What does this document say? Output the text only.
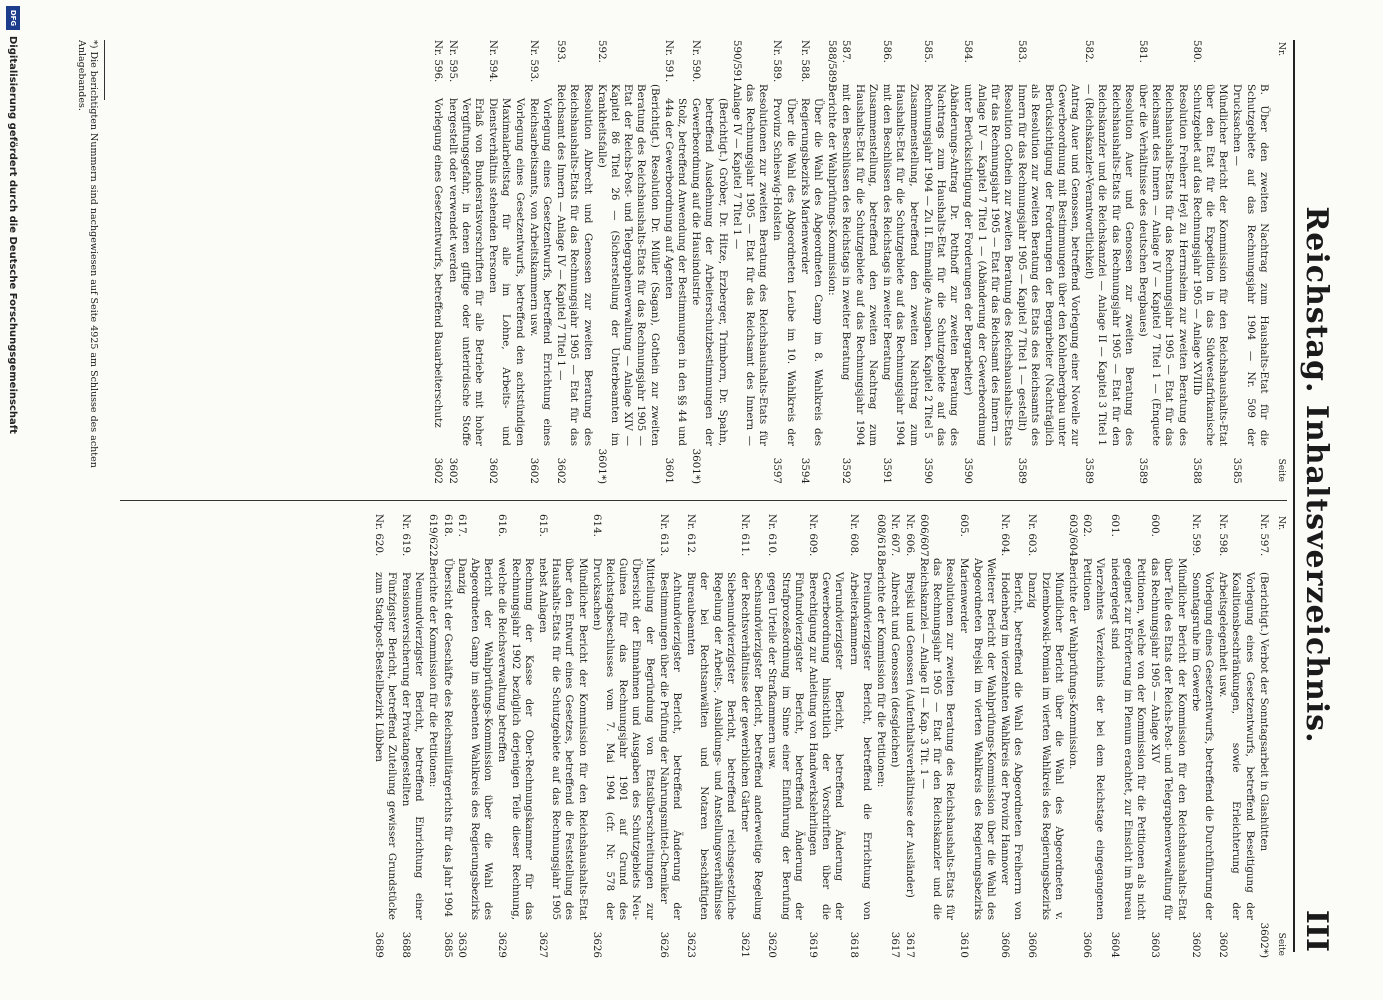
Reichstag. Inhaltsverzeichnis.
III
Nr.
Seite
B. Über den zweiten Nachtrag zum Haushalts-Etat für die Schutzgebiete auf das Rechnungsjahr 1904 — Nr. 509 der Drucksachen —
3585
580.
Mündlicher Bericht der Kommission für den Reichshaushalts-Etat über den Etat für die Expedition in das Südwestafrikanische Schutzgebiet auf das Rechnungsjahr 1905 — Anlage XVIIIb
3588
581.
Resolution Freiherr Heyl zu Herrnsheim zur zweiten Beratung des Reichshaushalts-Etats für das Rechnungsjahr 1905 — Etat für das Reichsamt des Innern — Anlage IV — Kapitel 7 Titel 1 — (Enquete über die Verhältnisse des deutschen Bergbaues)
3589
582.
Resolution Auer und Genossen zur zweiten Beratung des Reichshaushalts-Etats für das Rechnungsjahr 1905 — Etat für den Reichskanzler und die Reichskanzlei — Anlage II — Kapitel 3 Titel 1 — (Reichskanzler-Verantwortlichkeit)
3589
583.
Antrag Auer und Genossen, betreffend Vorlegung einer Novelle zur Gewerbeordnung mit Bestimmungen über den Kohlenbergbau unter Berücksichtigung der Forderungen der Bergarbeiter (Nachträglich als Resolution zur zweiten Beratung des Etats des Reichsamts des Innern für das Rechnungsjahr 1905 — Kapitel 7 Titel 1 — gestellt)
3589
584.
Resolution Gothein zur zweiten Beratung des Reichshaushalts-Etats für das Rechnungsjahr 1905 — Etat für das Reichsamt des Innern — Anlage IV — Kapitel 7 Titel 1 — (Abänderung der Gewerbeordnung unter Berücksichtigung der Forderungen der Bergarbeiter)
3590
585.
Abänderungs-Antrag Dr. Potthoff zur zweiten Beratung des Nachtrags zum Haushalts-Etat für die Schutzgebiete auf das Rechnungsjahr 1904 — Zu II. Einmalige Ausgaben. Kapitel 2 Titel 5
3590
586.
Zusammenstellung, betreffend den zweiten Nachtrag zum Haushalts-Etat für die Schutzgebiete auf das Rechnungsjahr 1904 mit den Beschlüssen des Reichstags in zweiter Beratung
3591
587.
Zusammenstellung, betreffend den zweiten Nachtrag zum Haushalts-Etat für die Schutzgebiete auf das Rechnungsjahr 1904 mit den Beschlüssen des Reichstags in zweiter Beratung
3592
588/589.
Berichte der Wahlprüfungs-Kommission:
Nr. 588.
Über die Wahl des Abgeordneten Camp im 8. Wahlkreis des Regierungsbezirks Marienwerder
3594
Nr. 589.
Über die Wahl des Abgeordneten Leube im 10. Wahlkreis der Provinz Schleswig-Holstein
3597
590/591.
Resolutionen zur zweiten Beratung des Reichshaushalts-Etats für das Rechnungsjahr 1905 — Etat für das Reichsamt des Innern — Anlage IV — Kapitel 7 Titel 1 —
Nr. 590.
(Berichtigt.) Gröber, Dr. Hitze, Erzberger, Trimborn, Dr. Spahn, betreffend Ausdehnung der Arbeiterschutzbestimmungen der Gewerbeordnung auf die Hausindustrie
3601*)
Nr. 591.
Stolz, betreffend Anwendung der Bestimmungen in den §§ 44 und 44a der Gewerbeordnung auf Agenten
3601
592.
(Berichtigt.) Resolution Dr. Müller (Sagan), Gothein zur zweiten Beratung des Reichshaushalts-Etats für das Rechnungsjahr 1905 — Etat der Reichs-Post- und Telegraphenverwaltung — Anlage XIV — Kapitel 86 Titel 26 — (Sicherstellung der Unterbeamten im Krankheitsfalle)
3601*)
593.
Resolution Albrecht und Genossen zur zweiten Beratung des Reichshaushalts-Etats für das Rechnungsjahr 1905 — Etat für das Reichsamt des Innern — Anlage IV — Kapitel 7 Titel 1 —
3602
Nr. 593.
Vorlegung eines Gesetzentwurfs, betreffend Errichtung eines Reichsarbeitsamts, von Arbeitskammern usw.
3602
Nr. 594.
Vorlegung eines Gesetzentwurfs, betreffend den achtstündigen Maximalarbeitstag für alle im Lohne, Arbeits- und Dienstverhältnis stehenden Personen
3602
Nr. 595.
Erlaß von Bundesratsvorschriften für alle Betriebe mit hoher Vergiftungsgefahr, in denen giftige oder unterirdische Stoffe hergestellt oder verwendet werden
3602
Nr. 596.
Vorlegung eines Gesetzentwurfs, betreffend Bauarbeiterschutz
3602
Nr.
Seite
Nr. 597.
(Berichtigt.) Verbot der Sonntagsarbeit in Glashütten
3602*)
Nr. 598.
Vorlegung eines Gesetzentwurfs, betreffend Beseitigung der Koalitionsbeschränkungen, sowie Erleichterung der Arbeitsgelegenheit usw.
3602
Nr. 599.
Vorlegung eines Gesetzentwurfs, betreffend die Durchführung der Sonntagsruhe im Gewerbe
3602
600.
Mündlicher Bericht der Kommission für den Reichshaushalts-Etat über Teile des Etats der Reichs-Post- und Telegraphenverwaltung für das Rechnungsjahr 1905 — Anlage XIV
3603
601.
Petitionen, welche von der Kommission für die Petitionen als nicht geeignet zur Erörterung im Plenum erachtet, zur Einsicht im Bureau niedergelegt sind
3604
602.
Vierzehntes Verzeichnis der bei dem Reichstage eingegangenen Petitionen
3606
603/604.
Berichte der Wahlprüfungs-Kommission.
Nr. 603.
Mündlicher Bericht über die Wahl des Abgeordneten v. Dziembowski-Pomian im vierten Wahlkreis des Regierungsbezirks Danzig
3606
Nr. 604.
Bericht, betreffend die Wahl des Abgeordneten Freiherrn von Hodenberg im vierzehnten Wahlkreis der Provinz Hannover
3606
605.
Weiterer Bericht der Wahlprüfungs-Kommission über die Wahl des Abgeordneten Brejski im vierten Wahlkreis des Regierungsbezirks Marienwerder
3610
606/607.
Resolutionen zur zweiten Beratung des Reichshaushalts-Etats für das Rechnungsjahr 1905 — Etat für den Reichskanzler und die Reichskanzlei — Anlage II — Kap. 3 Tit. 1 —
Nr. 606.
Brejski und Genossen (Aufenthaltsverhältnisse der Ausländer)
3617
Nr. 607.
Albrecht und Genossen (desgleichen)
3617
608/618.
Berichte der Kommission für die Petitionen:
Nr. 608.
Dreiundvierzigster Bericht, betreffend die Errichtung von Arbeiterkammern
3618
Nr. 609.
Vierundvierzigster Bericht, betreffend Änderung der Gewerbeordnung hinsichtlich der Vorschriften über die Berechtigung zur Anleitung von Handwerkslehrlingen
3619
Nr. 610.
Fünfundvierzigster Bericht, betreffend Änderung der Strafprozeßordnung im Sinne einer Einführung der Berufung gegen Urteile der Strafkammern usw.
3620
Nr. 611.
Sechsundvierzigster Bericht, betreffend anderweitige Regelung der Rechtsverhältnisse der gewerblichen Gärtner
3621
Nr. 612.
Siebenundvierzigster Bericht, betreffend reichsgesetzliche Regelung der Arbeits-, Ausbildungs- und Anstellungsverhältnisse der bei Rechtsanwälten und Notaren beschäftigten Bureaubeamten
3623
Nr. 613.
Achtundvierzigster Bericht, betreffend Änderung der Bestimmungen über die Prüfung der Nahrungsmittel-Chemiker
3626
614.
Mitteilung der Begründung von Etatsüberschreitungen zur Übersicht der Einnahmen und Ausgaben des Schutzgebiets Neu-Guinea für das Rechnungsjahr 1901 auf Grund des Reichstagsbeschlusses vom 7. Mai 1904 (cfr. Nr. 578 der Drucksachen)
3626
615.
Mündlicher Bericht der Kommission für den Reichshaushalts-Etat über den Entwurf eines Gesetzes, betreffend die Feststellung des Haushalts-Etats für die Schutzgebiete auf das Rechnungsjahr 1905 nebst Anlagen
3627
616.
Rechnung der Kasse der Ober-Rechnungskammer für das Rechnungsjahr 1902 bezüglich derjenigen Teile dieser Rechnung, welche die Reichsverwaltung betreffen
3629
617.
Bericht der Wahlprüfungs-Kommission über die Wahl des Abgeordneten Gamp im siebenten Wahlkreis des Regierungsbezirks Danzig
3630
618.
Übersicht der Geschäfte des Reichsmilitärgerichts für das Jahr 1904
3685
619/622.
Berichte der Kommission für die Petitionen:
Nr. 619.
Neunundvierzigster Bericht, betreffend Einrichtung einer Pensionsversicherung der Privatangestellten
3688
Nr. 620.
Fünfzigster Bericht, betreffend Zuteilung gewisser Grundstücke zum Stadtpost-Bestellbezirk Lübben
3689
*) Die berichtigten Nummern sind nachgewiesen auf Seite 4925 am Schlusse des achten Anlagebandes.
DFG
Digitalisierung gefördert durch die Deutsche Forschungsgemeinschaft
